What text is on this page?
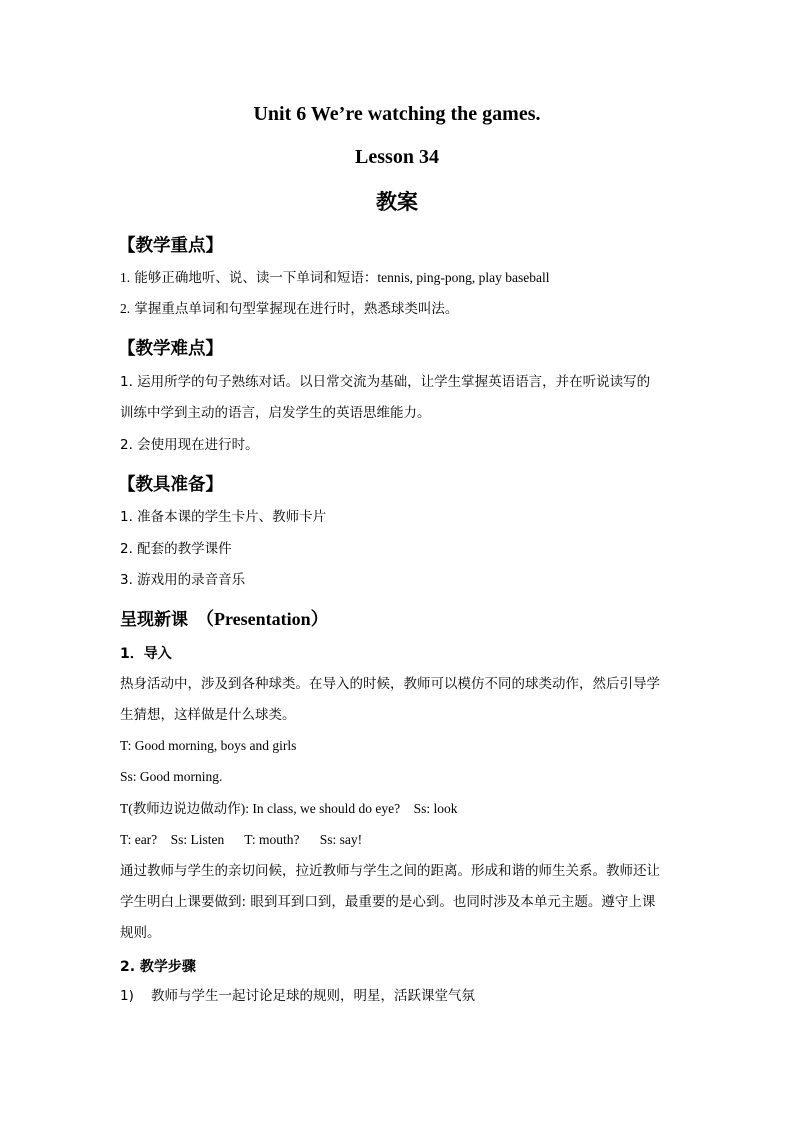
Unit 6 We’re watching the games.
Lesson 34
教案
【教学重点】
1. 能够正确地听、说、读一下单词和短语：tennis, ping-pong, play baseball
2. 掌握重点单词和句型掌握现在进行时，熟悉球类叫法。
【教学难点】
1. 运用所学的句子熟练对话。以日常交流为基础，让学生掌握英语语言，并在听说读写的
训练中学到主动的语言，启发学生的英语思维能力。
2. 会使用现在进行时。
【教具准备】
1. 准备本课的学生卡片、教师卡片
2. 配套的教学课件
3. 游戏用的录音音乐
呈现新课　（Presentation）
1．导入
热身活动中，涉及到各种球类。在导入的时候，教师可以模仿不同的球类动作，然后引导学
生猜想，这样做是什么球类。
T: Good morning, boys and girls
Ss: Good morning.
T(教师边说边做动作): In class, we should do eye?    Ss: look
T: ear?    Ss: Listen      T: mouth?      Ss: say!
通过教师与学生的亲切问候，拉近教师与学生之间的距离。形成和谐的师生关系。教师还让
学生明白上课要做到: 眼到耳到口到，最重要的是心到。也同时涉及本单元主题。遵守上课
规则。
2. 教学步骤
1)    教师与学生一起讨论足球的规则，明星，活跃课堂气氛
